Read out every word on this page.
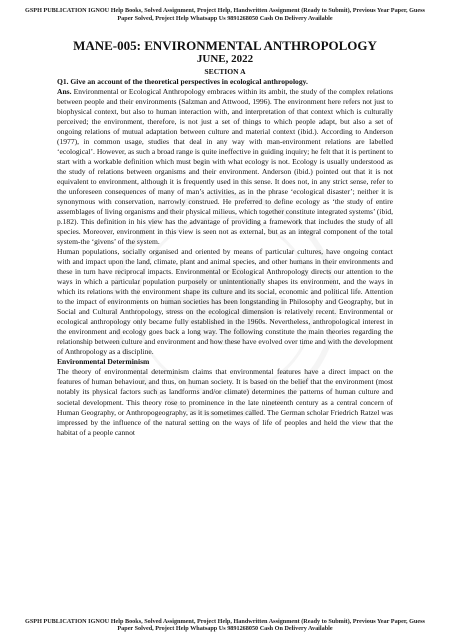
GSPH PUBLICATION IGNOU Help Books, Solved Assignment, Project Help, Handwritten Assignment (Ready to Submit), Previous Year Paper, Guess Paper Solved, Project Help Whatsapp Us 9891268050 Cash On Delivery Available
MANE-005: ENVIRONMENTAL ANTHROPOLOGY
JUNE, 2022
SECTION A

Q1. Give an account of the theoretical perspectives in ecological anthropology.

Ans. Environmental or Ecological Anthropology embraces within its ambit, the study of the complex relations between people and their environments (Salzman and Attwood, 1996). The environment here refers not just to biophysical context, but also to human interaction with, and interpretation of that context which is culturally perceived; the environment, therefore, is not just a set of things to which people adapt, but also a set of ongoing relations of mutual adaptation between culture and material context (ibid.). According to Anderson (1977), in common usage, studies that deal in any way with man-environment relations are labelled ‘ecological’. However, as such a broad range is quite ineffective in guiding inquiry; he felt that it is pertinent to start with a workable definition which must begin with what ecology is not. Ecology is usually understood as the study of relations between organisms and their environment. Anderson (ibid.) pointed out that it is not equivalent to environment, although it is frequently used in this sense. It does not, in any strict sense, refer to the unforeseen consequences of many of man’s activities, as in the phrase ‘ecological disaster’; neither it is synonymous with conservation, narrowly construed. He preferred to define ecology as ‘the study of entire assemblages of living organisms and their physical milieus, which together constitute integrated systems’ (ibid, p.182). This definition in his view has the advantage of providing a framework that includes the study of all species. Moreover, environment in this view is seen not as external, but as an integral component of the total system-the ‘givens’ of the system.

Human populations, socially organised and oriented by means of particular cultures, have ongoing contact with and impact upon the land, climate, plant and animal species, and other humans in their environments and these in turn have reciprocal impacts. Environmental or Ecological Anthropology directs our attention to the ways in which a particular population purposely or unintentionally shapes its environment, and the ways in which its relations with the environment shape its culture and its social, economic and political life. Attention to the impact of environments on human societies has been longstanding in Philosophy and Geography, but in Social and Cultural Anthropology, stress on the ecological dimension is relatively recent. Environmental or ecological anthropology only became fully established in the 1960s. Nevertheless, anthropological interest in the environment and ecology goes back a long way. The following constitute the main theories regarding the relationship between culture and environment and how these have evolved over time and with the development of Anthropology as a discipline.

Environmental Determinism

The theory of environmental determinism claims that environmental features have a direct impact on the features of human behaviour, and thus, on human society. It is based on the belief that the environment (most notably its physical factors such as landforms and/or climate) determines the patterns of human culture and societal development. This theory rose to prominence in the late nineteenth century as a central concern of Human Geography, or Anthropogeography, as it is sometimes called. The German scholar Friedrich Ratzel was impressed by the influence of the natural setting on the ways of life of peoples and held the view that the habitat of a people cannot

GSPH PUBLICATION IGNOU Help Books, Solved Assignment, Project Help, Handwritten Assignment (Ready to Submit), Previous Year Paper, Guess Paper Solved, Project Help Whatsapp Us 9891268050 Cash On Delivery Available
